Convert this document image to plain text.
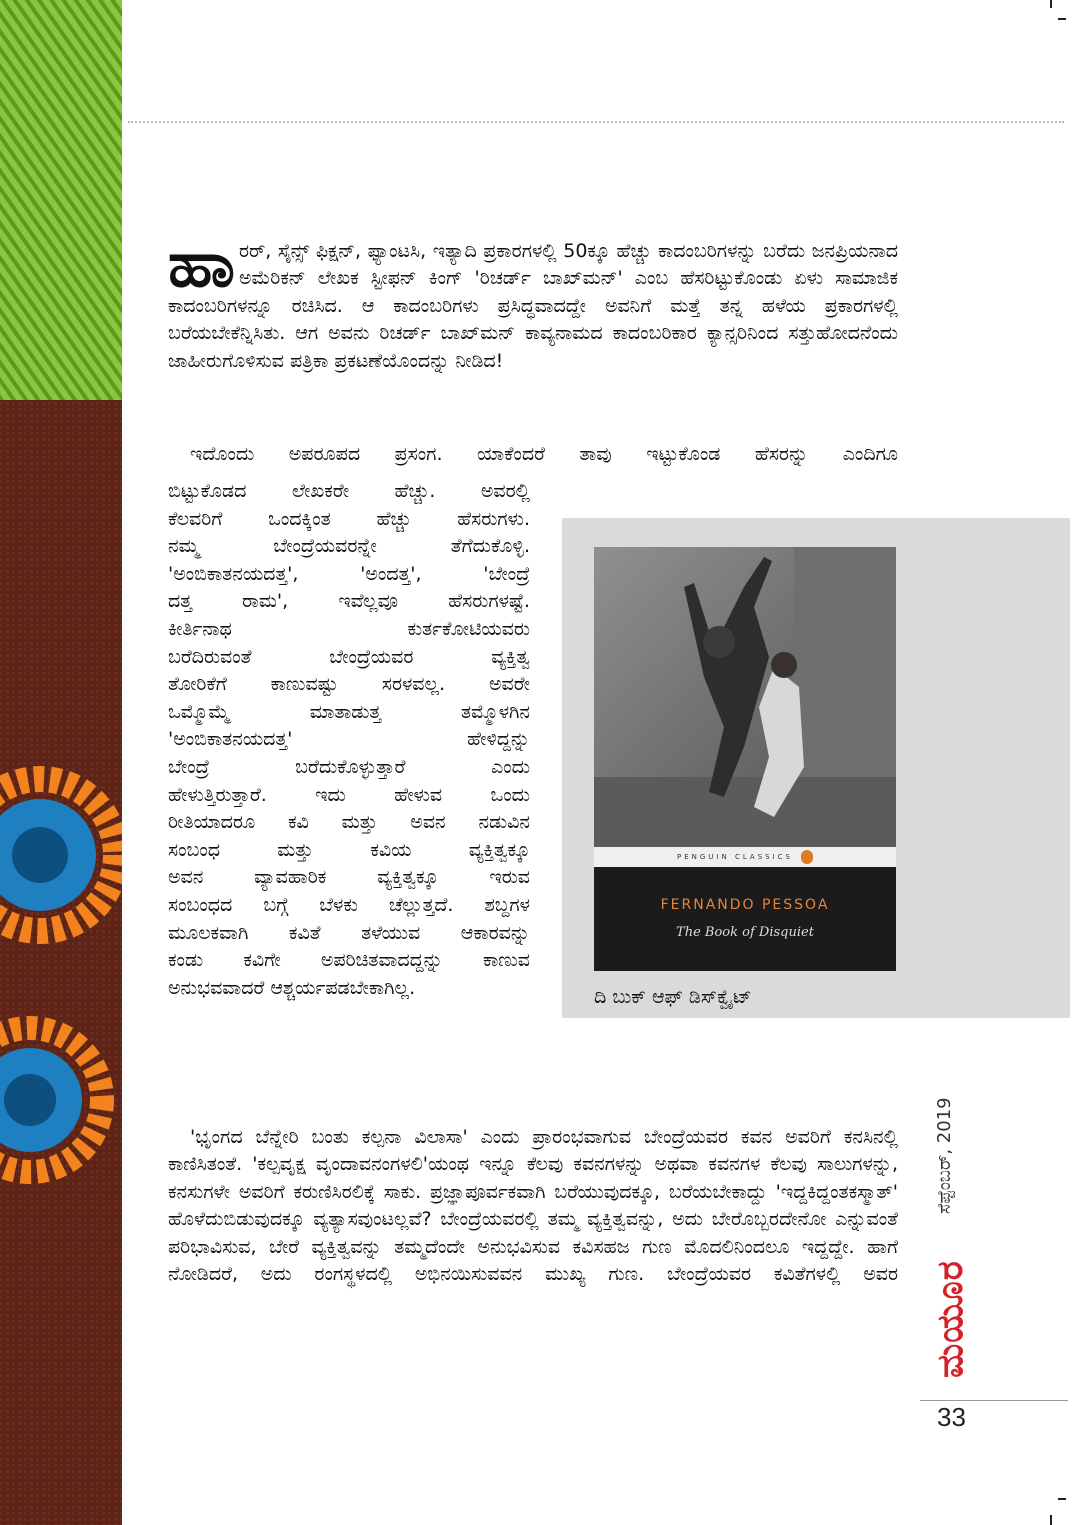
ಹಾ ರರ್, ಸೈನ್ಸ್ ಫಿಕ್ಷನ್, ಫ್ಯಾಂಟಸಿ, ಇತ್ಯಾದಿ ಪ್ರಕಾರಗಳಲ್ಲಿ 50ಕ್ಕೂ ಹೆಚ್ಚು ಕಾದಂಬರಿಗಳನ್ನು ಬರೆದು ಜನಪ್ರಿಯನಾದ ಅಮೆರಿಕನ್ ಲೇಖಕ ಸ್ಟೀಫನ್ ಕಿಂಗ್ 'ರಿಚರ್ಡ್ ಬಾಖ್‌ಮನ್' ಎಂಬ ಹೆಸರಿಟ್ಟುಕೊಂಡು ಏಳು ಸಾಮಾಜಿಕ ಕಾದಂಬರಿಗಳನ್ನೂ ರಚಿಸಿದ. ಆ ಕಾದಂಬರಿಗಳು ಪ್ರಸಿದ್ಧವಾದದ್ದೇ ಅವನಿಗೆ ಮತ್ತೆ ತನ್ನ ಹಳೆಯ ಪ್ರಕಾರಗಳಲ್ಲಿ ಬರೆಯಬೇಕೆನ್ನಿಸಿತು. ಆಗ ಅವನು ರಿಚರ್ಡ್ ಬಾಖ್‌ಮನ್ ಕಾವ್ಯನಾಮದ ಕಾದಂಬರಿಕಾರ ಕ್ಯಾನ್ಸರಿನಿಂದ ಸತ್ತುಹೋದನೆಂದು ಜಾಹೀರುಗೊಳಿಸುವ ಪತ್ರಿಕಾ ಪ್ರಕಟಣೆಯೊಂದನ್ನು ನೀಡಿದ!

ಇದೊಂದು ಅಪರೂಪದ ಪ್ರಸಂಗ. ಯಾಕೆಂದರೆ ತಾವು ಇಟ್ಟುಕೊಂಡ ಹೆಸರನ್ನು ಎಂದಿಗೂ

ಬಿಟ್ಟುಕೊಡದ ಲೇಖಕರೇ ಹೆಚ್ಚು. ಅವರಲ್ಲಿ
ಕೆಲವರಿಗೆ ಒಂದಕ್ಕಿಂತ ಹೆಚ್ಚು ಹೆಸರುಗಳು.
ನಮ್ಮ ಬೇಂದ್ರೆಯವರನ್ನೇ ತೆಗೆದುಕೊಳ್ಳಿ.
'ಅಂಬಿಕಾತನಯದತ್ತ', 'ಅಂದತ್ತ', 'ಬೇಂದ್ರೆ
ದತ್ತ ರಾಮ', ಇವೆಲ್ಲವೂ ಹೆಸರುಗಳಷ್ಟೆ.
ಕೀರ್ತಿನಾಥ ಕುರ್ತಕೋಟಿಯವರು
ಬರೆದಿರುವಂತೆ ಬೇಂದ್ರೆಯವರ ವ್ಯಕ್ತಿತ್ವ
ತೋರಿಕೆಗೆ ಕಾಣುವಷ್ಟು ಸರಳವಲ್ಲ. ಅವರೇ
ಒಮ್ಮೊಮ್ಮೆ ಮಾತಾಡುತ್ತ ತಮ್ಮೊಳಗಿನ
'ಅಂಬಿಕಾತನಯದತ್ತ' ಹೇಳಿದ್ದನ್ನು
ಬೇಂದ್ರೆ ಬರೆದುಕೊಳ್ಳುತ್ತಾರೆ ಎಂದು
ಹೇಳುತ್ತಿರುತ್ತಾರೆ. ಇದು ಹೇಳುವ ಒಂದು
ರೀತಿಯಾದರೂ ಕವಿ ಮತ್ತು ಅವನ ನಡುವಿನ
ಸಂಬಂಧ ಮತ್ತು ಕವಿಯ ವ್ಯಕ್ತಿತ್ವಕ್ಕೂ
ಅವನ ವ್ಯಾವಹಾರಿಕ ವ್ಯಕ್ತಿತ್ವಕ್ಕೂ ಇರುವ
ಸಂಬಂಧದ ಬಗ್ಗೆ ಬೆಳಕು ಚೆಲ್ಲುತ್ತದೆ. ಶಬ್ದಗಳ
ಮೂಲಕವಾಗಿ ಕವಿತೆ ತಳೆಯುವ ಆಕಾರವನ್ನು
ಕಂಡು ಕವಿಗೇ ಅಪರಿಚಿತವಾದದ್ದನ್ನು ಕಾಣುವ
ಅನುಭವವಾದರೆ ಆಶ್ಚರ್ಯಪಡಬೇಕಾಗಿಲ್ಲ.
PENGUIN CLASSICS
FERNANDO PESSOA
The Book of Disquiet
ದಿ ಬುಕ್ ಆಫ್ ಡಿಸ್‌ಕ್ವೈಟ್

'ಭೃಂಗದ ಬೆನ್ನೇರಿ ಬಂತು ಕಲ್ಪನಾ ವಿಲಾಸಾ' ಎಂದು ಪ್ರಾರಂಭವಾಗುವ ಬೇಂದ್ರೆಯವರ ಕವನ ಅವರಿಗೆ ಕನಸಿನಲ್ಲಿ ಕಾಣಿಸಿತಂತೆ. 'ಕಲ್ಪವೃಕ್ಷ ವೃಂದಾವನಂಗಳಲಿ'ಯಂಥ ಇನ್ನೂ ಕೆಲವು ಕವನಗಳನ್ನು ಅಥವಾ ಕವನಗಳ ಕೆಲವು ಸಾಲುಗಳನ್ನು, ಕನಸುಗಳೇ ಅವರಿಗೆ ಕರುಣಿಸಿರಲಿಕ್ಕೆ ಸಾಕು. ಪ್ರಜ್ಞಾಪೂರ್ವಕವಾಗಿ ಬರೆಯುವುದಕ್ಕೂ, ಬರೆಯಬೇಕಾದ್ದು 'ಇದ್ದಕಿದ್ದಂತಕಸ್ಮಾತ್' ಹೊಳೆದುಬಿಡುವುದಕ್ಕೂ ವ್ಯತ್ಯಾಸವುಂಟಲ್ಲವೆ? ಬೇಂದ್ರೆಯವರಲ್ಲಿ ತಮ್ಮ ವ್ಯಕ್ತಿತ್ವವನ್ನು, ಅದು ಬೇರೊಬ್ಬರದೇನೋ ಎನ್ನುವಂತೆ ಪರಿಭಾವಿಸುವ, ಬೇರೆ ವ್ಯಕ್ತಿತ್ವವನ್ನು ತಮ್ಮದೆಂದೇ ಅನುಭವಿಸುವ ಕವಿಸಹಜ ಗುಣ ಮೊದಲಿನಿಂದಲೂ ಇದ್ದದ್ದೇ. ಹಾಗೆ ನೋಡಿದರೆ, ಅದು ರಂಗಸ್ಥಳದಲ್ಲಿ ಅಭಿನಯಿಸುವವನ ಮುಖ್ಯ ಗುಣ. ಬೇಂದ್ರೆಯವರ ಕವಿತೆಗಳಲ್ಲಿ ಅವರ

ಸೆಪ್ಟೆಂಬರ್, 2019
ಮಯೂರ
33
